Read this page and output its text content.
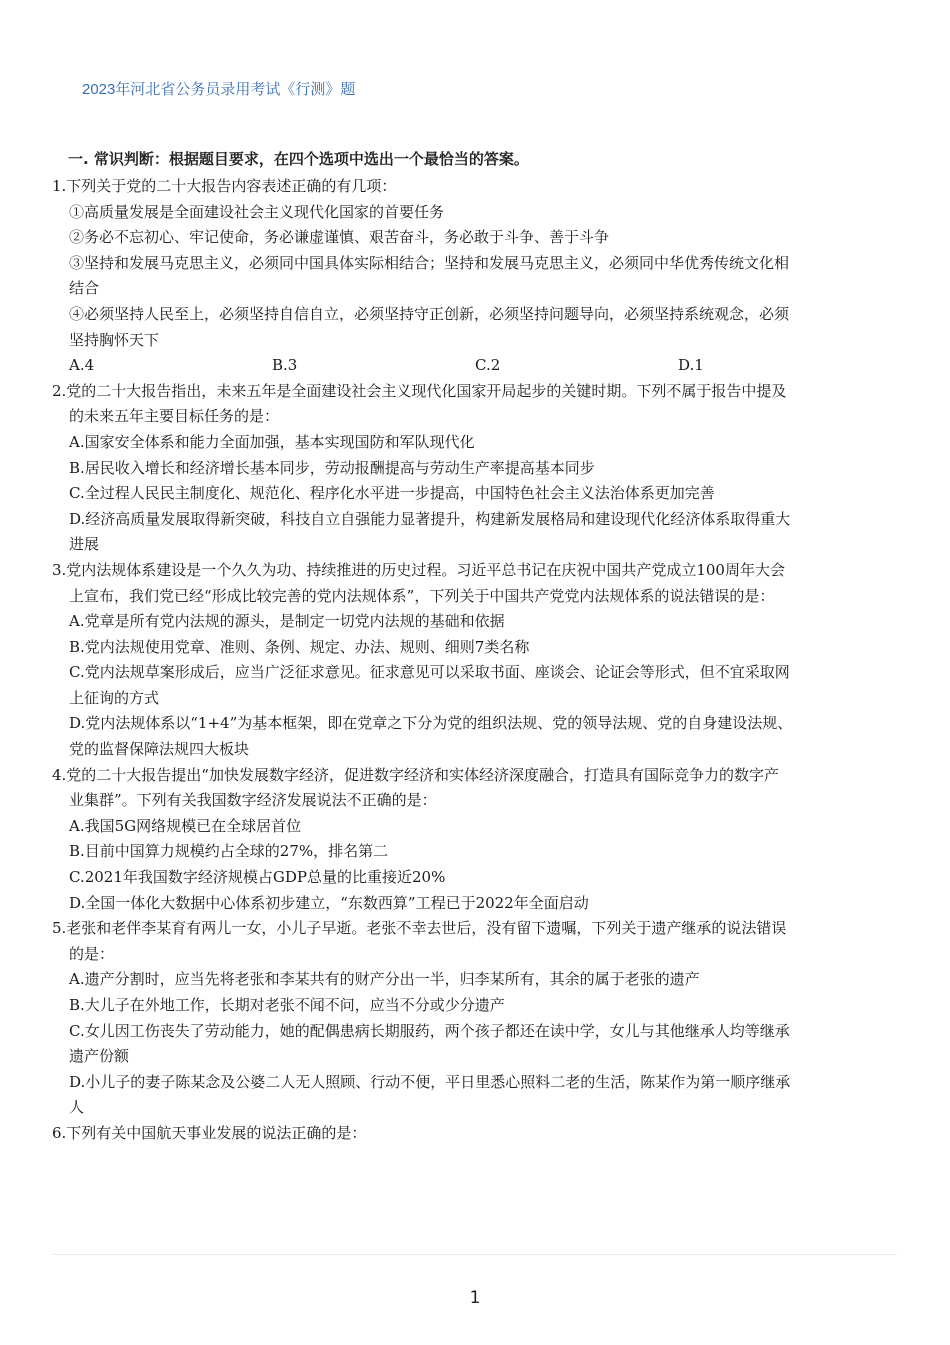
2023年河北省公务员录用考试《行测》题
一. 常识判断：根据题目要求，在四个选项中选出一个最恰当的答案。
1.下列关于党的二十大报告内容表述正确的有几项：
①高质量发展是全面建设社会主义现代化国家的首要任务
②务必不忘初心、牢记使命，务必谦虚谨慎、艰苦奋斗，务必敢于斗争、善于斗争
③坚持和发展马克思主义，必须同中国具体实际相结合；坚持和发展马克思主义，必须同中华优秀传统文化相
结合
④必须坚持人民至上，必须坚持自信自立，必须坚持守正创新，必须坚持问题导向，必须坚持系统观念，必须
坚持胸怀天下
A.4	B.3	C.2	D.1
2.党的二十大报告指出，未来五年是全面建设社会主义现代化国家开局起步的关键时期。下列不属于报告中提及
的未来五年主要目标任务的是：
A.国家安全体系和能力全面加强，基本实现国防和军队现代化
B.居民收入增长和经济增长基本同步，劳动报酬提高与劳动生产率提高基本同步
C.全过程人民民主制度化、规范化、程序化水平进一步提高，中国特色社会主义法治体系更加完善
D.经济高质量发展取得新突破，科技自立自强能力显著提升，构建新发展格局和建设现代化经济体系取得重大
进展
3.党内法规体系建设是一个久久为功、持续推进的历史过程。习近平总书记在庆祝中国共产党成立100周年大会
上宣布，我们党已经“形成比较完善的党内法规体系”，下列关于中国共产党党内法规体系的说法错误的是：
A.党章是所有党内法规的源头，是制定一切党内法规的基础和依据
B.党内法规使用党章、准则、条例、规定、办法、规则、细则7类名称
C.党内法规草案形成后，应当广泛征求意见。征求意见可以采取书面、座谈会、论证会等形式，但不宜采取网
上征询的方式
D.党内法规体系以“1+4”为基本框架，即在党章之下分为党的组织法规、党的领导法规、党的自身建设法规、
党的监督保障法规四大板块
4.党的二十大报告提出“加快发展数字经济，促进数字经济和实体经济深度融合，打造具有国际竞争力的数字产
业集群”。下列有关我国数字经济发展说法不正确的是：
A.我国5G网络规模已在全球居首位
B.目前中国算力规模约占全球的27%，排名第二
C.2021年我国数字经济规模占GDP总量的比重接近20%
D.全国一体化大数据中心体系初步建立，“东数西算”工程已于2022年全面启动
5.老张和老伴李某育有两儿一女，小儿子早逝。老张不幸去世后，没有留下遗嘱，下列关于遗产继承的说法错误
的是：
A.遗产分割时，应当先将老张和李某共有的财产分出一半，归李某所有，其余的属于老张的遗产
B.大儿子在外地工作，长期对老张不闻不问，应当不分或少分遗产
C.女儿因工伤丧失了劳动能力，她的配偶患病长期服药，两个孩子都还在读中学，女儿与其他继承人均等继承
遗产份额
D.小儿子的妻子陈某念及公婆二人无人照顾、行动不便，平日里悉心照料二老的生活，陈某作为第一顺序继承
人
6.下列有关中国航天事业发展的说法正确的是：
1
